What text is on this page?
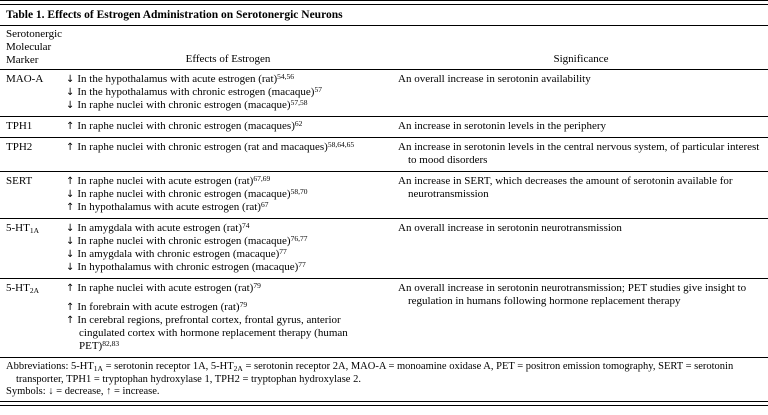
Table 1. Effects of Estrogen Administration on Serotonergic Neurons
Serotonergic
Molecular
Marker	Effects of Estrogen	Significance
MAO-A	↓ In the hypothalamus with acute estrogen (rat)$^{54,56}$
↓ In the hypothalamus with chronic estrogen (macaque)$^{57}$
↓ In raphe nuclei with chronic estrogen (macaque)$^{57,58}$	An overall increase in serotonin availability
TPH1	↑ In raphe nuclei with chronic estrogen (macaques)$^{62}$	An increase in serotonin levels in the periphery
TPH2	↑ In raphe nuclei with chronic estrogen (rat and macaques)$^{58,64,65}$	An increase in serotonin levels in the central nervous system, of particular interest to mood disorders
SERT	↑ In raphe nuclei with acute estrogen (rat)$^{67,69}$
↓ In raphe nuclei with chronic estrogen (macaque)$^{58,70}$
↑ In hypothalamus with acute estrogen (rat)$^{67}$	An increase in SERT, which decreases the amount of serotonin available for neurotransmission
$5-HT_{1A}$	↓ In amygdala with acute estrogen (rat)$^{74}$
↓ In raphe nuclei with chronic estrogen (macaque)$^{76,77}$
↓ In amygdala with chronic estrogen (macaque)$^{77}$
↓ In hypothalamus with chronic estrogen (macaque)$^{77}$	An overall increase in serotonin neurotransmission
$5-HT_{2A}$	↑ In raphe nuclei with acute estrogen (rat)$^{79}$
↑ In forebrain with acute estrogen (rat)$^{79}$
↑ In cerebral regions, prefrontal cortex, frontal gyrus, anterior cingulated cortex with hormone replacement therapy (human PET)$^{82,83}$	An overall increase in serotonin neurotransmission; PET studies give insight to regulation in humans following hormone replacement therapy
Abbreviations: $5-HT_{1A}$ = serotonin receptor 1A, $5-HT_{2A}$ = serotonin receptor 2A, MAO-A = monoamine oxidase A, PET = positron emission tomography, SERT = serotonin transporter, TPH1 = tryptophan hydroxylase 1, TPH2 = tryptophan hydroxylase 2.
Symbols: ↓ = decrease, ↑ = increase.
